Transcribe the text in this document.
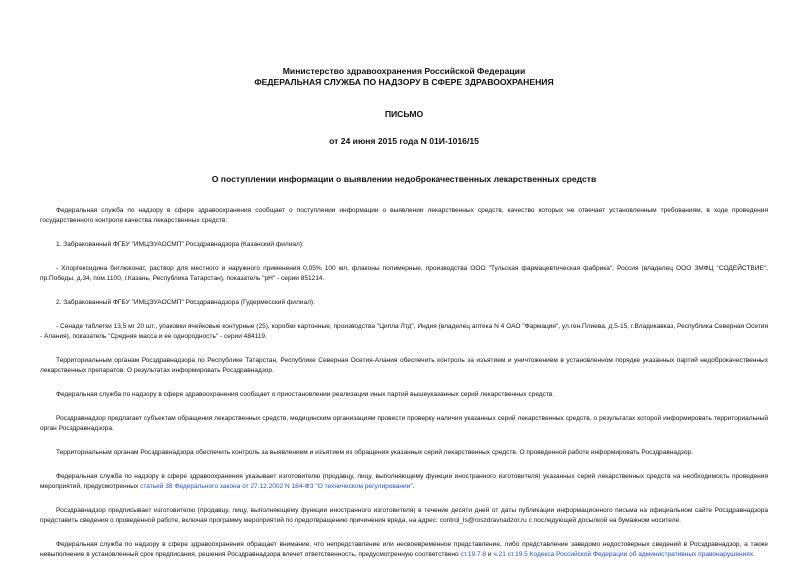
Министерство здравоохранения Российской Федерации
ФЕДЕРАЛЬНАЯ СЛУЖБА ПО НАДЗОРУ В СФЕРЕ ЗДРАВООХРАНЕНИЯ
ПИСЬМО
от 24 июня 2015 года N 01И-1016/15
О поступлении информации о выявлении недоброкачественных лекарственных средств

Федеральная служба по надзору в сфере здравоохранения сообщает о поступлении информации о выявлении лекарственных средств, качество которых не отвечает установленным требованиям, в ходе проведения государственного контроля качества лекарственных средств:

1. Забракованный ФГБУ "ИМЦЭУАОСМП" Росздравнадзора (Казанский филиал):

- Хлоргексидина биглюконат, раствор для местного и наружного применения 0,05% 100 мл, флаконы полимерные, производства ООО "Тульская фармацевтическая фабрика", Россия (владелец ООО ЗМФЦ "СОДЕЙСТВИЕ", пр.Победы, д.34, пом.1100, г.Казань, Республика Татарстан), показатель "рН" - серии 851214.

2. Забракованный ФГБУ "ИМЦЭУАОСМП" Росздравнадзора (Гудермесский филиал):

- Сенаде таблетки 13,5 мг 20 шт., упаковки ячейковые контурные (25), коробки картонные, производства "Ципла Лтд", Индия (владелец аптека N 4 ОАО "Фармация", ул.ген.Плиева, д.5-15, г.Владикавказ, Республика Северная Осетия - Алания), показатель "Средняя масса и ее однородность" - серии 484119.

Территориальным органам Росздравнадзора по Республике Татарстан, Республике Северная Осетия-Алания обеспечить контроль за изъятием и уничтожением в установленном порядке указанных партий недоброкачественных лекарственных препаратов. О результатах информировать Росздравнадзор.

Федеральная служба по надзору в сфере здравоохранения сообщает о приостановлении реализации иных партий вышеуказанных серий лекарственных средств.

Росздравнадзор предлагает субъектам обращения лекарственных средств, медицинским организациям провести проверку наличия указанных серий лекарственных средств, о результатах которой информировать территориальный орган Росздравнадзора.

Территориальным органам Росздравнадзора обеспечить контроль за выявлением и изъятием из обращения указанных серий лекарственных средств. О проведенной работе информировать Росздравнадзор.

Федеральная служба по надзору в сфере здравоохранения указывает изготовителю (продавцу, лицу, выполняющему функции иностранного изготовителя) указанных серий лекарственных средств на необходимость проведения мероприятий, предусмотренных статьей 38 Федерального закона от 27.12.2002 N 184-ФЗ "О техническом регулировании".

Росздравнадзор предписывает изготовителю (продавцу, лицу, выполняющему функции иностранного изготовителя) в течение десяти дней от даты публикации информационного письма на официальном сайте Росздравнадзора представить сведения о проведенной работе, включая программу мероприятий по предотвращению причинения вреда, на адрес: control_ls@roszdravnadzor.ru с последующей досылкой на бумажном носителе.

Федеральная служба по надзору в сфере здравоохранения обращает внимание, что непредставление или несвоевременное представление, либо представление заведомо недостоверных сведений в Росздравнадзор, а также невыполнение в установленный срок предписания, решения Росздравнадзора влечет ответственность, предусмотренную соответствено ст.19.7.8 и ч.21 ст.19.5 Кодекса Российской Федерации об административных правонарушениях.
